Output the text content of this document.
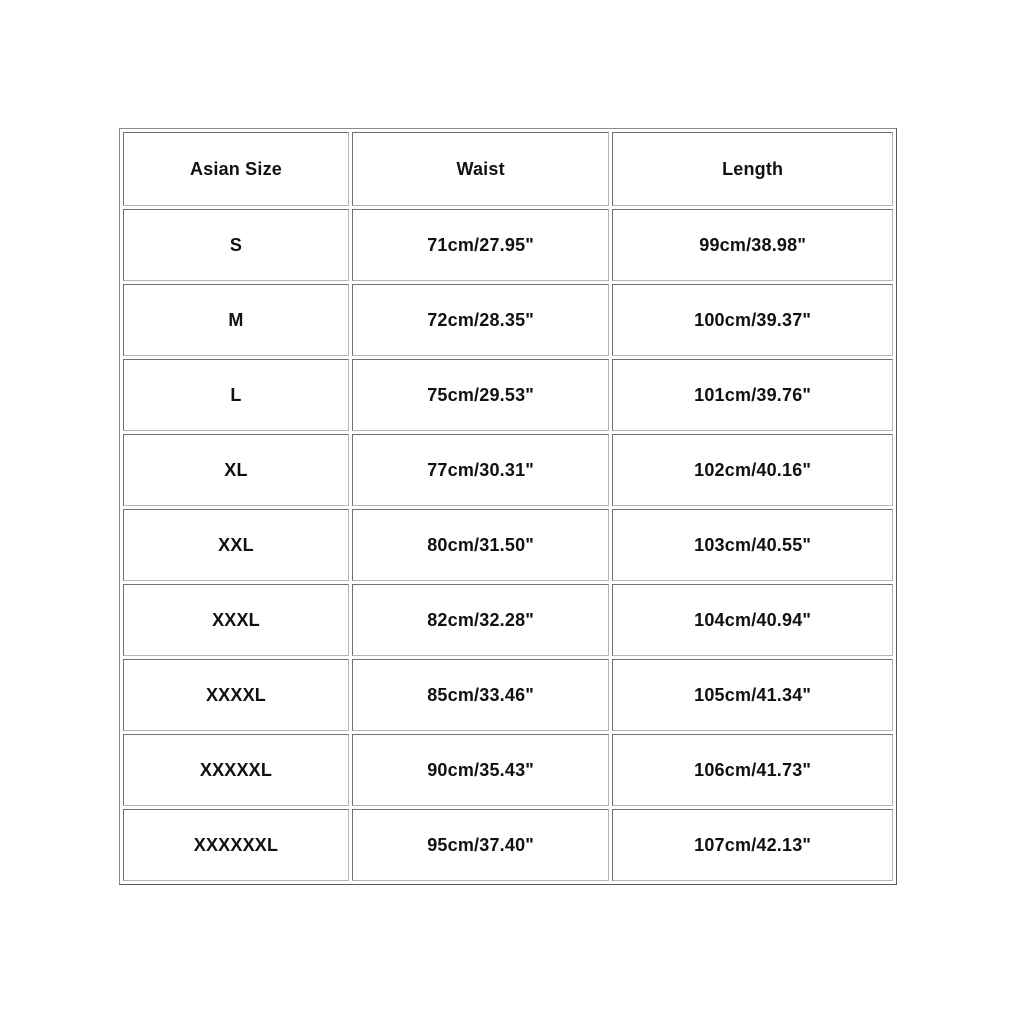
Asian Size	Waist	Length
S	71cm/27.95"	99cm/38.98"
M	72cm/28.35"	100cm/39.37"
L	75cm/29.53"	101cm/39.76"
XL	77cm/30.31"	102cm/40.16"
XXL	80cm/31.50"	103cm/40.55"
XXXL	82cm/32.28"	104cm/40.94"
XXXXL	85cm/33.46"	105cm/41.34"
XXXXXL	90cm/35.43"	106cm/41.73"
XXXXXXL	95cm/37.40"	107cm/42.13"
